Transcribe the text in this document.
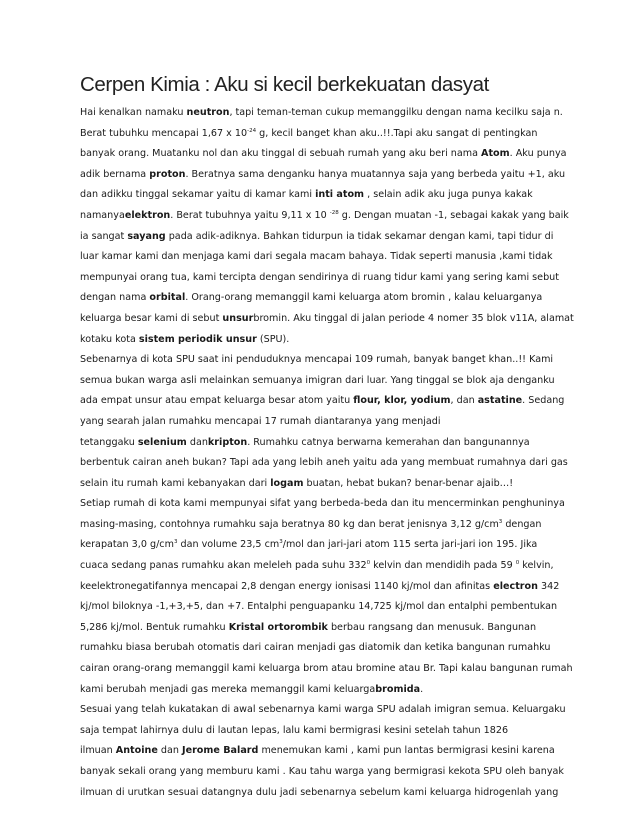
Cerpen Kimia : Aku si kecil berkekuatan dasyat
Hai kenalkan namaku neutron, tapi teman-teman cukup memanggilku dengan nama kecilku saja n.
Berat tubuhku mencapai 1,67 x $10^{-24}$ g, kecil banget khan aku..!!.Tapi aku sangat di pentingkan
banyak orang. Muatanku nol dan aku tinggal di sebuah rumah yang aku beri nama Atom. Aku punya
adik bernama proton. Beratnya sama denganku hanya muatannya saja yang berbeda yaitu +1, aku
dan adikku tinggal sekamar yaitu di kamar kami inti atom , selain adik aku juga punya kakak
namanyaelektron. Berat tubuhnya yaitu 9,11 x 10 $^{-28}$ g. Dengan muatan -1, sebagai kakak yang baik
ia sangat sayang pada adik-adiknya. Bahkan tidurpun ia tidak sekamar dengan kami, tapi tidur di
luar kamar kami dan menjaga kami dari segala macam bahaya. Tidak seperti manusia ,kami tidak
mempunyai orang tua, kami tercipta dengan sendirinya di ruang tidur kami yang sering kami sebut
dengan nama orbital. Orang-orang memanggil kami keluarga atom bromin , kalau keluarganya
keluarga besar kami di sebut unsurbromin. Aku tinggal di jalan periode 4 nomer 35 blok v11A, alamat
kotaku kota sistem periodik unsur (SPU).
Sebenarnya di kota SPU saat ini penduduknya mencapai 109 rumah, banyak banget khan..!! Kami
semua bukan warga asli melainkan semuanya imigran dari luar. Yang tinggal se blok aja denganku
ada empat unsur atau empat keluarga besar atom yaitu flour, klor, yodium, dan astatine. Sedang
yang searah jalan rumahku mencapai 17 rumah diantaranya yang menjadi
tetanggaku selenium dankripton. Rumahku catnya berwarna kemerahan dan bangunannya
berbentuk cairan aneh bukan? Tapi ada yang lebih aneh yaitu ada yang membuat rumahnya dari gas
selain itu rumah kami kebanyakan dari logam buatan, hebat bukan? benar-benar ajaib…!
Setiap rumah di kota kami mempunyai sifat yang berbeda-beda dan itu mencerminkan penghuninya
masing-masing, contohnya rumahku saja beratnya 80 kg dan berat jenisnya 3,12 $g/cm^3$ dengan
kerapatan 3,0 $g/cm^3$ dan volume 23,5 $cm^3$/mol dan jari-jari atom 115 serta jari-jari ion 195. Jika
cuaca sedang panas rumahku akan meleleh pada suhu $332^0$ kelvin dan mendidih pada 59 $^0$ kelvin,
keelektronegatifannya mencapai 2,8 dengan energy ionisasi 1140 kj/mol dan afinitas electron 342
kj/mol biloknya -1,+3,+5, dan +7. Entalphi penguapanku 14,725 kj/mol dan entalphi pembentukan
5,286 kj/mol. Bentuk rumahku Kristal ortorombik berbau rangsang dan menusuk. Bangunan
rumahku biasa berubah otomatis dari cairan menjadi gas diatomik dan ketika bangunan rumahku
cairan orang-orang memanggil kami keluarga brom atau bromine atau Br. Tapi kalau bangunan rumah
kami berubah menjadi gas mereka memanggil kami keluargabromida.
Sesuai yang telah kukatakan di awal sebenarnya kami warga SPU adalah imigran semua. Keluargaku
saja tempat lahirnya dulu di lautan lepas, lalu kami bermigrasi kesini setelah tahun 1826
ilmuan Antoine dan Jerome Balard menemukan kami , kami pun lantas bermigrasi kesini karena
banyak sekali orang yang memburu kami . Kau tahu warga yang bermigrasi kekota SPU oleh banyak
ilmuan di urutkan sesuai datangnya dulu jadi sebenarnya sebelum kami keluarga hidrogenlah yang
